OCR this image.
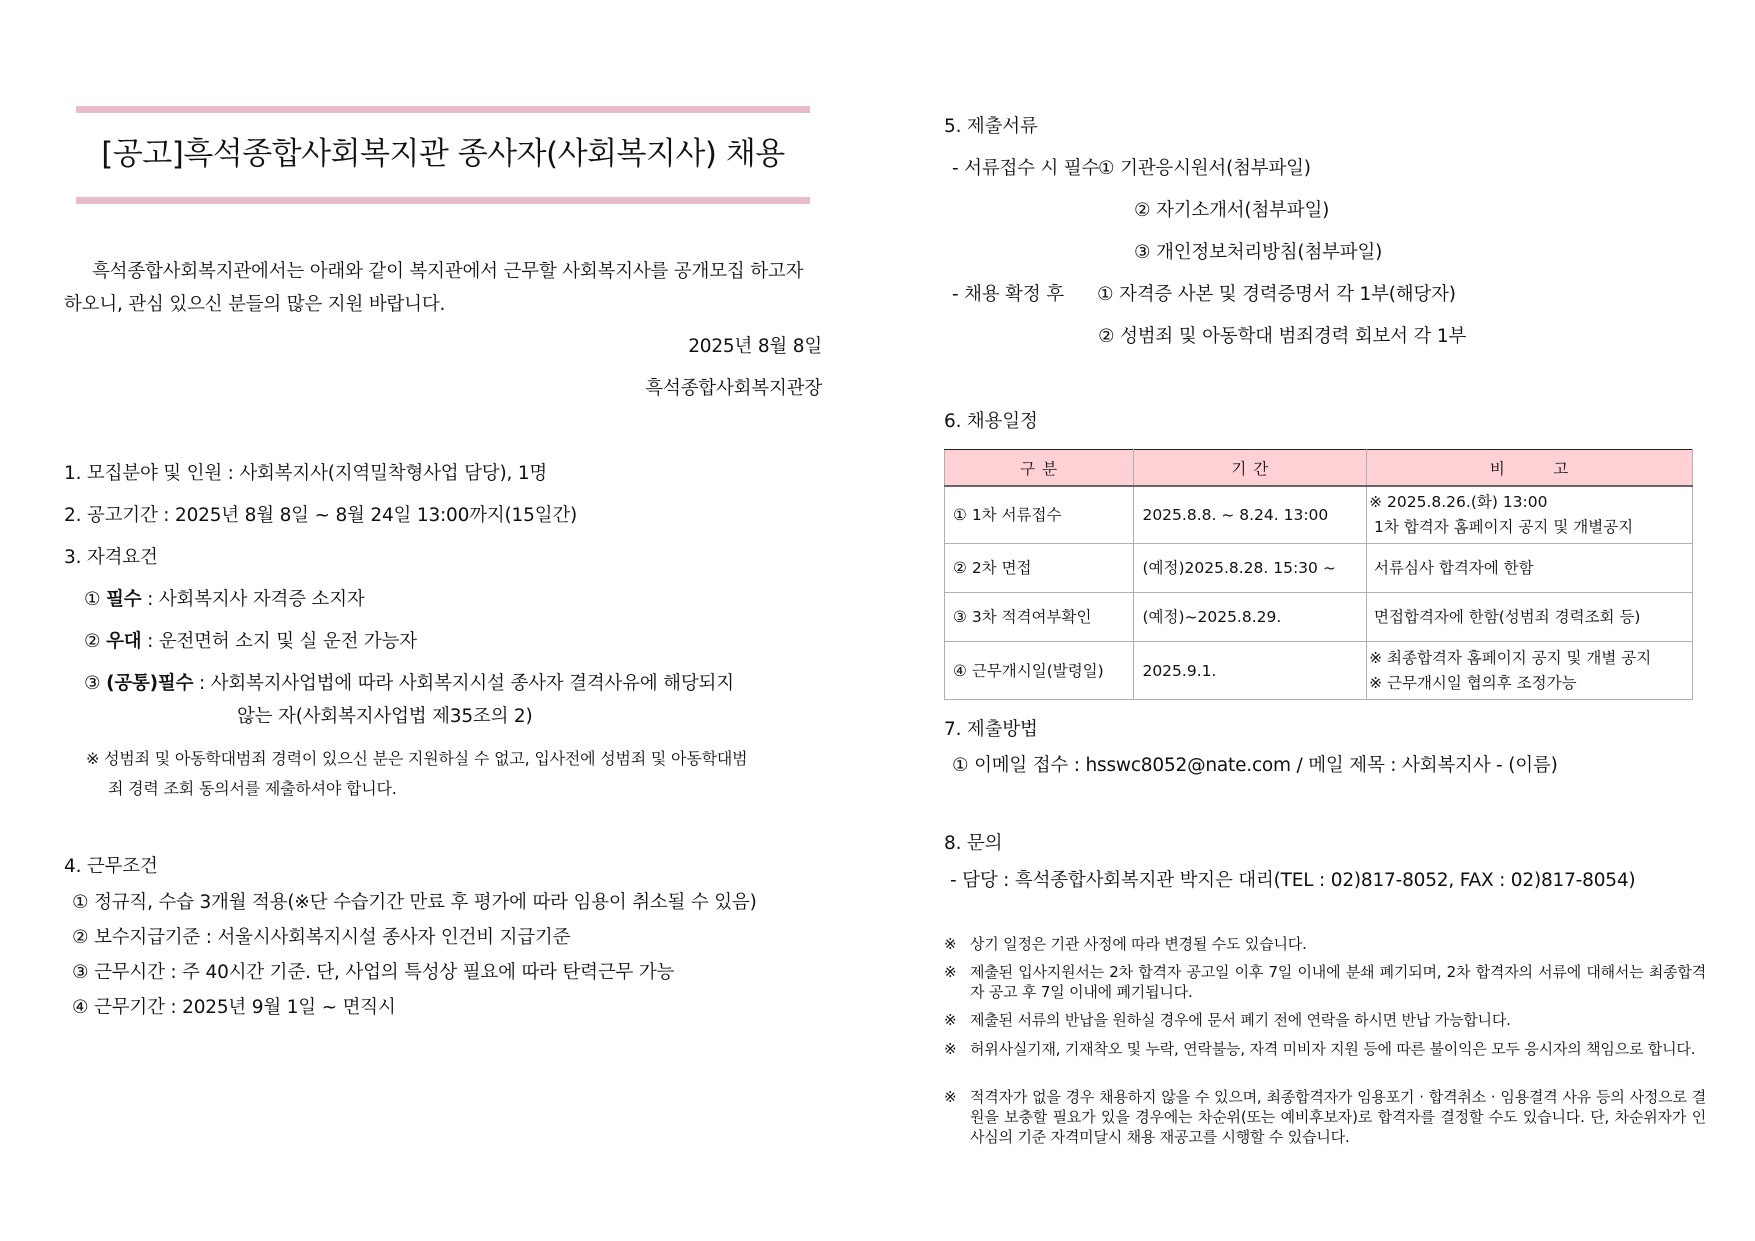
[공고]흑석종합사회복지관 종사자(사회복지사) 채용
흑석종합사회복지관에서는 아래와 같이 복지관에서 근무할 사회복지사를 공개모집 하고자
하오니, 관심 있으신 분들의 많은 지원 바랍니다.
2025년 8월 8일
흑석종합사회복지관장
1. 모집분야 및 인원 : 사회복지사(지역밀착형사업 담당), 1명
2. 공고기간 : 2025년 8월 8일 ~ 8월 24일 13:00까지(15일간)
3. 자격요건
① 필수 : 사회복지사 자격증 소지자
② 우대 : 운전면허 소지 및 실 운전 가능자
③ (공통)필수 : 사회복지사업법에 따라 사회복지시설 종사자 결격사유에 해당되지
않는 자(사회복지사업법 제35조의 2)
※ 성범죄 및 아동학대범죄 경력이 있으신 분은 지원하실 수 없고, 입사전에 성범죄 및 아동학대범
죄 경력 조회 동의서를 제출하셔야 합니다.
4. 근무조건
① 정규직, 수습 3개월 적용(※단 수습기간 만료 후 평가에 따라 임용이 취소될 수 있음)
② 보수지급기준 : 서울시사회복지시설 종사자 인건비 지급기준
③ 근무시간 : 주 40시간 기준. 단, 사업의 특성상 필요에 따라 탄력근무 가능
④ 근무기간 : 2025년 9월 1일 ~ 면직시
5. 제출서류
- 서류접수 시 필수
① 기관응시원서(첨부파일)
② 자기소개서(첨부파일)
③ 개인정보처리방침(첨부파일)
- 채용 확정 후 ① 자격증 사본 및 경력증명서 각 1부(해당자)
② 성범죄 및 아동학대 범죄경력 회보서 각 1부
6. 채용일정
구 분	기 간	비        고
① 1차 서류접수	2025.8.8. ~ 8.24. 13:00	※ 2025.8.26.(화) 13:00
1차 합격자 홈페이지 공지 및 개별공지

② 2차 면접	(예정)2025.8.28. 15:30 ~	서류심사 합격자에 한함

③ 3차 적격여부확인	(예정)~2025.8.29.	면접합격자에 한함(성범죄 경력조회 등)

④ 근무개시일(발령일)	2025.9.1.	※ 최종합격자 홈페이지 공지 및 개별 공지
※ 근무개시일 협의후 조정가능
7. 제출방법
① 이메일 접수 : hsswc8052@nate.com / 메일 제목 : 사회복지사 - (이름)
8. 문의
- 담당 : 흑석종합사회복지관 박지은 대리(TEL : 02)817-8052, FAX : 02)817-8054)
※ 상기 일정은 기관 사정에 따라 변경될 수도 있습니다.
※ 제출된 입사지원서는 2차 합격자 공고일 이후 7일 이내에 분쇄 폐기되며, 2차 합격자의 서류에 대해서는 최종합격자 공고 후 7일 이내에 폐기됩니다.
※ 제출된 서류의 반납을 원하실 경우에 문서 폐기 전에 연락을 하시면 반납 가능합니다.
※ 허위사실기재, 기재착오 및 누락, 연락불능, 자격 미비자 지원 등에 따른 불이익은 모두 응시자의 책임으로 합니다.
※ 적격자가 없을 경우 채용하지 않을 수 있으며, 최종합격자가 임용포기 · 합격취소 · 임용결격 사유 등의 사정으로 결원을 보충할 필요가 있을 경우에는 차순위(또는 예비후보자)로 합격자를 결정할 수도 있습니다. 단, 차순위자가 인사심의 기준 자격미달시 채용 재공고를 시행할 수 있습니다.
